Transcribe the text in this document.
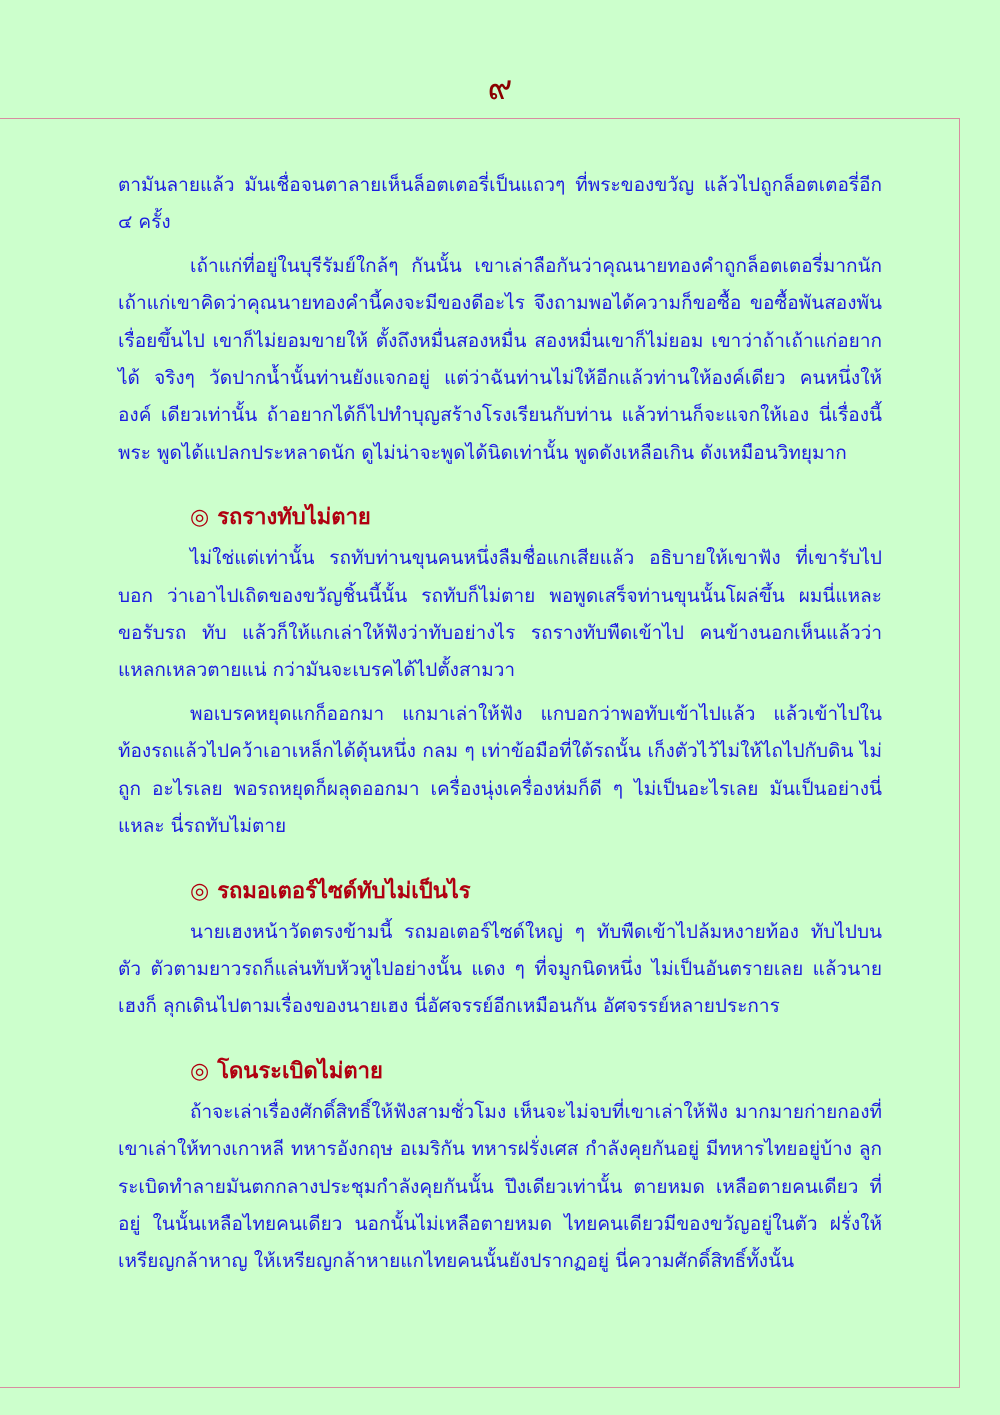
๙

ตามันลายแล้ว มันเชื่อจนตาลายเห็นล็อตเตอรี่เป็นแถวๆ ที่พระของขวัญ แล้วไปถูกล็อตเตอรี่อีก ๔ ครั้ง

เถ้าแก่ที่อยู่ในบุรีรัมย์ใกล้ๆ กันนั้น เขาเล่าลือกันว่าคุณนายทองคำถูกล็อตเตอรี่มากนัก เถ้าแก่เขาคิดว่าคุณนายทองคำนี้คงจะมีของดีอะไร จึงถามพอได้ความก็ขอซื้อ ขอซื้อพันสองพัน เรื่อยขึ้นไป เขาก็ไม่ยอมขายให้ ตั้งถึงหมื่นสองหมื่น สองหมื่นเขาก็ไม่ยอม เขาว่าถ้าเถ้าแก่อยากได้ จริงๆ วัดปากน้ำนั้นท่านยังแจกอยู่ แต่ว่าฉันท่านไม่ให้อีกแล้วท่านให้องค์เดียว คนหนึ่งให้องค์ เดียวเท่านั้น ถ้าอยากได้ก็ไปทำบุญสร้างโรงเรียนกับท่าน แล้วท่านก็จะแจกให้เอง นี่เรื่องนี้ พระ พูดได้แปลกประหลาดนัก ดูไม่น่าจะพูดได้นิดเท่านั้น พูดดังเหลือเกิน ดังเหมือนวิทยุมาก

◎ รถรางทับไม่ตาย

ไม่ใช่แต่เท่านั้น รถทับท่านขุนคนหนึ่งลืมชื่อแกเสียแล้ว อธิบายให้เขาฟัง ที่เขารับไปบอก ว่าเอาไปเถิดของขวัญชิ้นนี้นั้น รถทับก็ไม่ตาย พอพูดเสร็จท่านขุนนั้นโผล่ขึ้น ผมนี่แหละขอรับรถ ทับ แล้วก็ให้แกเล่าให้ฟังว่าทับอย่างไร รถรางทับพืดเข้าไป คนข้างนอกเห็นแล้วว่าแหลกเหลวตายแน่ กว่ามันจะเบรคได้ไปตั้งสามวา

พอเบรคหยุดแกก็ออกมา แกมาเล่าให้ฟัง แกบอกว่าพอทับเข้าไปแล้ว แล้วเข้าไปใน ท้องรถแล้วไปคว้าเอาเหล็กได้ดุ้นหนึ่ง กลม ๆ เท่าข้อมือที่ใต้รถนั้น เก็งตัวไว้ไม่ให้ไถไปกับดิน ไม่ถูก อะไรเลย พอรถหยุดก็ผลุดออกมา เครื่องนุ่งเครื่องห่มก็ดี ๆ ไม่เป็นอะไรเลย มันเป็นอย่างนี่แหละ นี่รถทับไม่ตาย

◎ รถมอเตอร์ไซด์ทับไม่เป็นไร

นายเฮงหน้าวัดตรงข้ามนี้ รถมอเตอร์ไซด์ใหญ่ ๆ ทับพืดเข้าไปล้มหงายท้อง ทับไปบนตัว ตัวตามยาวรถก็แล่นทับหัวหูไปอย่างนั้น แดง ๆ ที่จมูกนิดหนึ่ง ไม่เป็นอันตรายเลย แล้วนายเฮงก็ ลุกเดินไปตามเรื่องของนายเฮง นี่อัศจรรย์อีกเหมือนกัน อัศจรรย์หลายประการ

◎ โดนระเบิดไม่ตาย

ถ้าจะเล่าเรื่องศักดิ์สิทธิ์ให้ฟังสามชั่วโมง เห็นจะไม่จบที่เขาเล่าให้ฟัง มากมายก่ายกองที่ เขาเล่าให้ทางเกาหลี ทหารอังกฤษ อเมริกัน ทหารฝรั่งเศส กำลังคุยกันอยู่ มีทหารไทยอยู่บ้าง ลูก ระเบิดทำลายมันตกกลางประชุมกำลังคุยกันนั้น ปึงเดียวเท่านั้น ตายหมด เหลือตายคนเดียว ที่อยู่ ในนั้นเหลือไทยคนเดียว นอกนั้นไม่เหลือตายหมด ไทยคนเดียวมีของขวัญอยู่ในตัว ฝรั่งให้ เหรียญกล้าหาญ ให้เหรียญกล้าหายแกไทยคนนั้นยังปรากฏอยู่ นี่ความศักดิ์สิทธิ์ทั้งนั้น
